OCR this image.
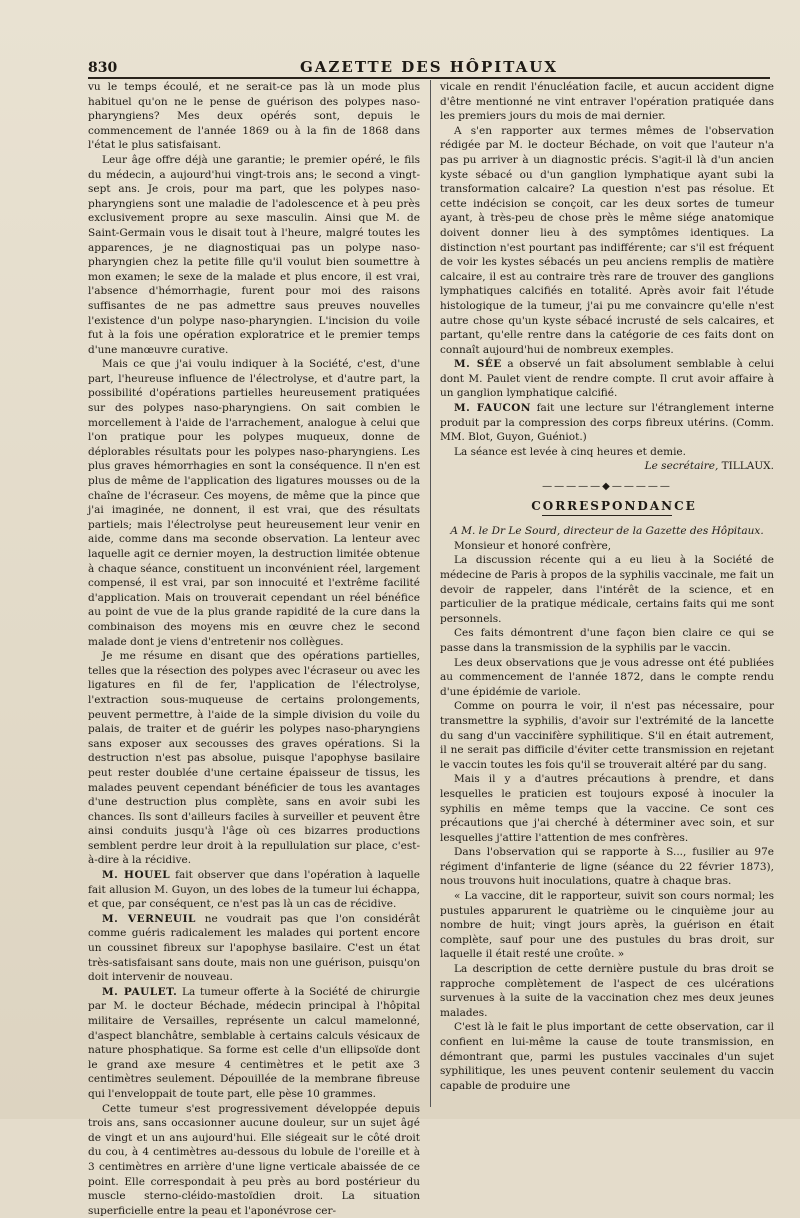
830	GAZETTE DES HÔPITAUX

vu le temps écoulé, et ne serait-ce pas là un mode plus habituel qu'on ne le pense de guérison des polypes naso-pharyngiens? Mes deux opérés sont, depuis le commencement de l'année 1869 ou à la fin de 1868 dans l'état le plus satisfaisant.

Leur âge offre déjà une garantie; le premier opéré, le fils du médecin, a aujourd'hui vingt-trois ans; le second a vingt-sept ans. Je crois, pour ma part, que les polypes naso-pharyngiens sont une maladie de l'adolescence et à peu près exclusivement propre au sexe masculin. Ainsi que M. de Saint-Germain vous le disait tout à l'heure, malgré toutes les apparences, je ne diagnostiquai pas un polype naso-pharyngien chez la petite fille qu'il voulut bien soumettre à mon examen; le sexe de la malade et plus encore, il est vrai, l'absence d'hémorrhagie, furent pour moi des raisons suffisantes de ne pas admettre saus preuves nouvelles l'existence d'un polype naso-pharyngien. L'incision du voile fut à la fois une opération exploratrice et le premier temps d'une manœuvre curative.

Mais ce que j'ai voulu indiquer à la Société, c'est, d'une part, l'heureuse influence de l'électrolyse, et d'autre part, la possibilité d'opérations partielles heureusement pratiquées sur des polypes naso-pharyngiens. On sait combien le morcellement à l'aide de l'arrachement, analogue à celui que l'on pratique pour les polypes muqueux, donne de déplorables résultats pour les polypes naso-pharyngiens. Les plus graves hémorrhagies en sont la conséquence. Il n'en est plus de même de l'application des ligatures mousses ou de la chaîne de l'écraseur. Ces moyens, de même que la pince que j'ai imaginée, ne donnent, il est vrai, que des résultats partiels; mais l'électrolyse peut heureusement leur venir en aide, comme dans ma seconde observation. La lenteur avec laquelle agit ce dernier moyen, la destruction limitée obtenue à chaque séance, constituent un inconvénient réel, largement compensé, il est vrai, par son innocuité et l'extrême facilité d'application. Mais on trouverait cependant un réel bénéfice au point de vue de la plus grande rapidité de la cure dans la combinaison des moyens mis en œuvre chez le second malade dont je viens d'entretenir nos collègues.

Je me résume en disant que des opérations partielles, telles que la résection des polypes avec l'écraseur ou avec les ligatures en fil de fer, l'application de l'électrolyse, l'extraction sous-muqueuse de certains prolongements, peuvent permettre, à l'aide de la simple division du voile du palais, de traiter et de guérir les polypes naso-pharyngiens sans exposer aux secousses des graves opérations. Si la destruction n'est pas absolue, puisque l'apophyse basilaire peut rester doublée d'une certaine épaisseur de tissus, les malades peuvent cependant bénéficier de tous les avantages d'une destruction plus complète, sans en avoir subi les chances. Ils sont d'ailleurs faciles à surveiller et peuvent être ainsi conduits jusqu'à l'âge où ces bizarres productions semblent perdre leur droit à la repullulation sur place, c'est-à-dire à la récidive.

M. HOUEL fait observer que dans l'opération à laquelle fait allusion M. Guyon, un des lobes de la tumeur lui échappa, et que, par conséquent, ce n'est pas là un cas de récidive.

M. VERNEUIL ne voudrait pas que l'on considérât comme guéris radicalement les malades qui portent encore un coussinet fibreux sur l'apophyse basilaire. C'est un état très-satisfaisant sans doute, mais non une guérison, puisqu'on doit intervenir de nouveau.

M. PAULET. La tumeur offerte à la Société de chirurgie par M. le docteur Béchade, médecin principal à l'hôpital militaire de Versailles, représente un calcul mamelonné, d'aspect blanchâtre, semblable à certains calculs vésicaux de nature phosphatique. Sa forme est celle d'un ellipsoïde dont le grand axe mesure 4 centimètres et le petit axe 3 centimètres seulement. Dépouillée de la membrane fibreuse qui l'enveloppait de toute part, elle pèse 10 grammes.

Cette tumeur s'est progressivement développée depuis trois ans, sans occasionner aucune douleur, sur un sujet âgé de vingt et un ans aujourd'hui. Elle siégeait sur le côté droit du cou, à 4 centimètres au-dessous du lobule de l'oreille et à 3 centimètres en arrière d'une ligne verticale abaissée de ce point. Elle correspondait à peu près au bord postérieur du muscle sterno-cléido-mastoïdien droit. La situation superficielle entre la peau et l'aponévrose cer-

vicale en rendit l'énucléation facile, et aucun accident digne d'être mentionné ne vint entraver l'opération pratiquée dans les premiers jours du mois de mai dernier.

A s'en rapporter aux termes mêmes de l'observation rédigée par M. le docteur Béchade, on voit que l'auteur n'a pas pu arriver à un diagnostic précis. S'agit-il là d'un ancien kyste sébacé ou d'un ganglion lymphatique ayant subi la transformation calcaire? La question n'est pas résolue. Et cette indécision se conçoit, car les deux sortes de tumeur ayant, à très-peu de chose près le même siége anatomique doivent donner lieu à des symptômes identiques. La distinction n'est pourtant pas indifférente; car s'il est fréquent de voir les kystes sébacés un peu anciens remplis de matière calcaire, il est au contraire très rare de trouver des ganglions lymphatiques calcifiés en totalité. Après avoir fait l'étude histologique de la tumeur, j'ai pu me convaincre qu'elle n'est autre chose qu'un kyste sébacé incrusté de sels calcaires, et partant, qu'elle rentre dans la catégorie de ces faits dont on connaît aujourd'hui de nombreux exemples.

M. SÉE a observé un fait absolument semblable à celui dont M. Paulet vient de rendre compte. Il crut avoir affaire à un ganglion lymphatique calcifié.

M. FAUCON fait une lecture sur l'étranglement interne produit par la compression des corps fibreux utérins. (Comm. MM. Blot, Guyon, Guéniot.)

La séance est levée à cinq heures et demie.

Le secrétaire, TILLAUX.

—————◆—————

CORRESPONDANCE

A M. le Dr Le Sourd, directeur de la Gazette des Hôpitaux.

Monsieur et honoré confrère,

La discussion récente qui a eu lieu à la Société de médecine de Paris à propos de la syphilis vaccinale, me fait un devoir de rappeler, dans l'intérêt de la science, et en particulier de la pratique médicale, certains faits qui me sont personnels.

Ces faits démontrent d'une façon bien claire ce qui se passe dans la transmission de la syphilis par le vaccin.

Les deux observations que je vous adresse ont été publiées au commencement de l'année 1872, dans le compte rendu d'une épidémie de variole.

Comme on pourra le voir, il n'est pas nécessaire, pour transmettre la syphilis, d'avoir sur l'extrémité de la lancette du sang d'un vaccinifère syphilitique. S'il en était autrement, il ne serait pas difficile d'éviter cette transmission en rejetant le vaccin toutes les fois qu'il se trouverait altéré par du sang.

Mais il y a d'autres précautions à prendre, et dans lesquelles le praticien est toujours exposé à inoculer la syphilis en même temps que la vaccine. Ce sont ces précautions que j'ai cherché à déterminer avec soin, et sur lesquelles j'attire l'attention de mes confrères.

Dans l'observation qui se rapporte à S..., fusilier au 97e régiment d'infanterie de ligne (séance du 22 février 1873), nous trouvons huit inoculations, quatre à chaque bras.

« La vaccine, dit le rapporteur, suivit son cours normal; les pustules apparurent le quatrième ou le cinquième jour au nombre de huit; vingt jours après, la guérison en était complète, sauf pour une des pustules du bras droit, sur laquelle il était resté une croûte. »

La description de cette dernière pustule du bras droit se rapproche complètement de l'aspect de ces ulcérations survenues à la suite de la vaccination chez mes deux jeunes malades.

C'est là le fait le plus important de cette observation, car il confient en lui-même la cause de toute transmission, en démontrant que, parmi les pustules vaccinales d'un sujet syphilitique, les unes peuvent contenir seulement du vaccin capable de produire une
